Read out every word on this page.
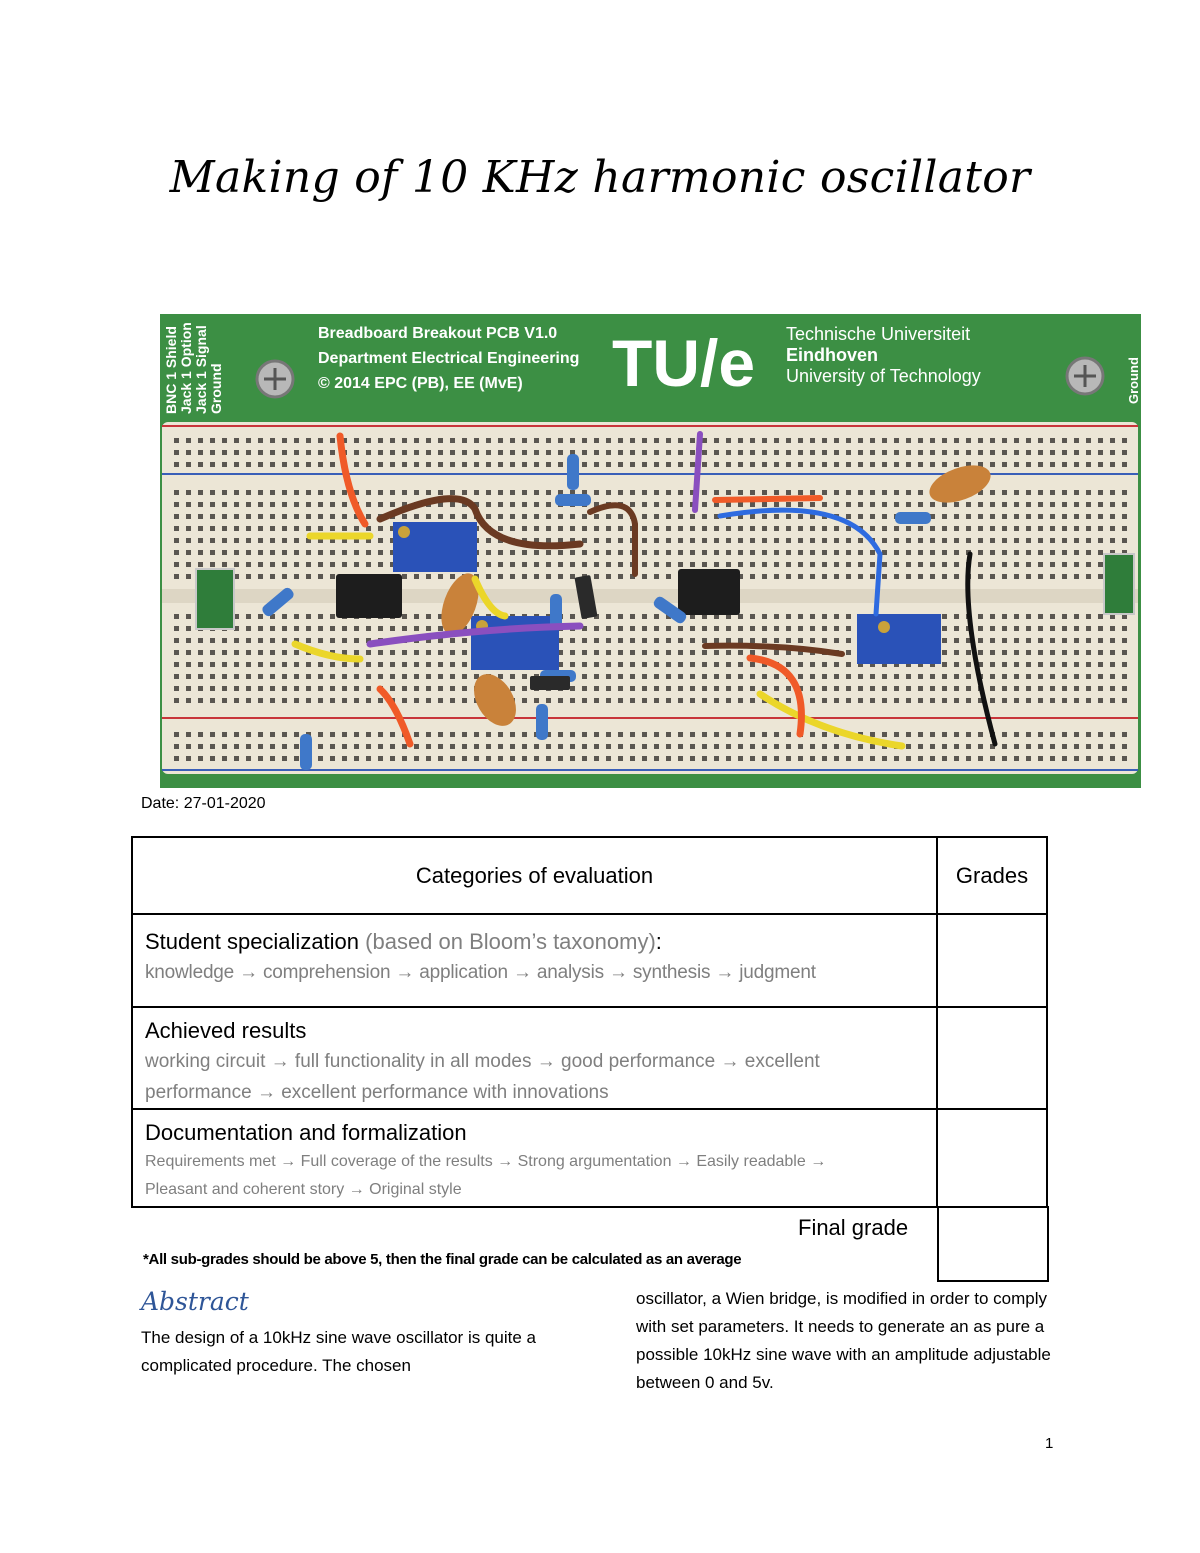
Making of 10 KHz harmonic oscillator
Breadboard Breakout PCB V1.0
Department Electrical Engineering
© 2014 EPC (PB), EE (MvE) TU/e Technische Universiteit
Eindhoven
University of Technology
BNC 1 Shield Jack 1 Option Jack 1 Signal Ground	Ground
Date: 27-01-2020
Categories of evaluation	Grades

Student specialization (based on Bloom’s taxonomy):
knowledge → comprehension → application → analysis → synthesis → judgment	

Achieved results
working circuit → full functionality in all modes → good performance → excellent performance → excellent performance with innovations	

Documentation and formalization
Requirements met → Full coverage of the results → Strong argumentation → Easily readable → Pleasant and coherent story → Original style	

Final grade
*All sub-grades should be above 5, then the final grade can be calculated as an average
Abstract
The design of a 10kHz sine wave oscillator is quite a complicated procedure. The chosen
oscillator, a Wien bridge, is modified in order to comply with set parameters. It needs to generate an as pure a possible 10kHz sine wave with an amplitude adjustable between 0 and 5v.
1
